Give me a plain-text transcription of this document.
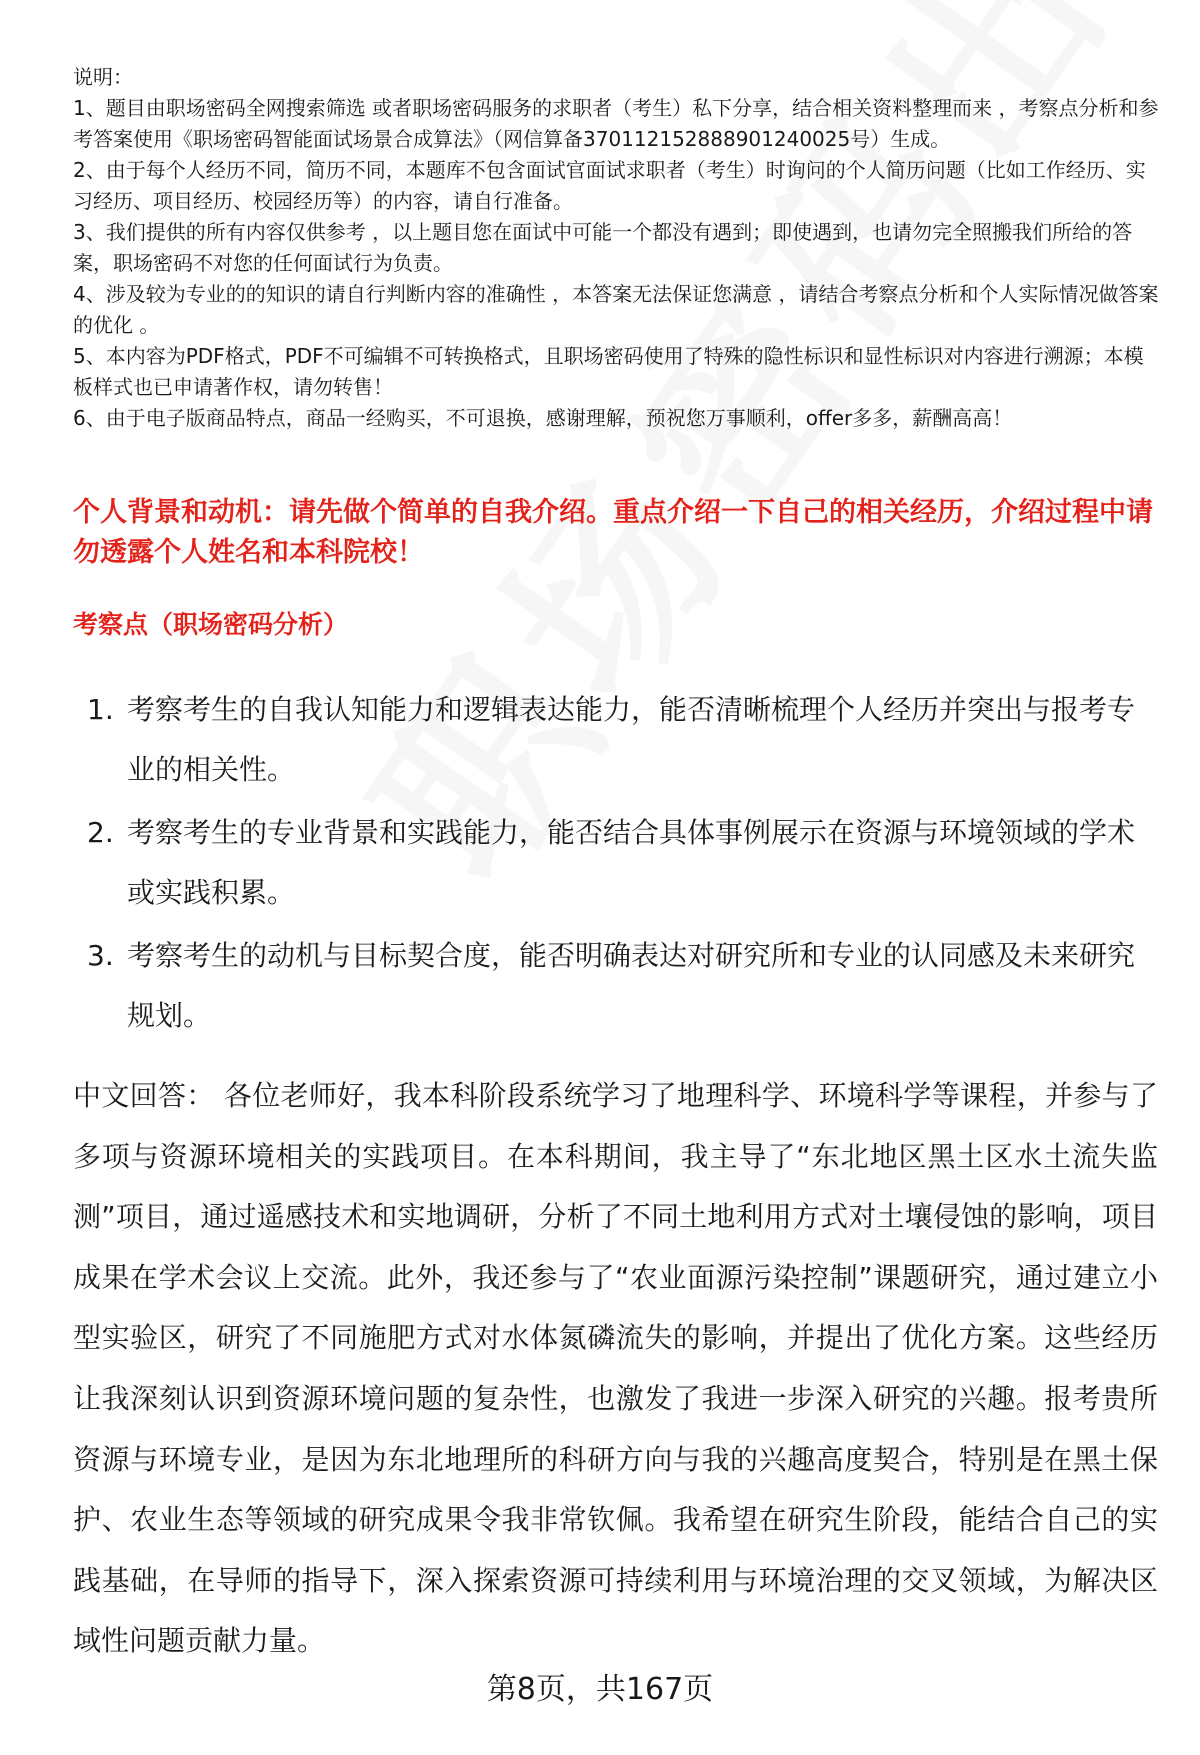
说明：

1、题目由职场密码全网搜索筛选 或者职场密码服务的求职者（考生）私下分享，结合相关资料整理而来 ，考察点分析和参考答案使用《职场密码智能面试场景合成算法》（网信算备370112152888901240025号）生成。

2、由于每个人经历不同，简历不同，本题库不包含面试官面试求职者（考生）时询问的个人简历问题（比如工作经历、实习经历、项目经历、校园经历等）的内容，请自行准备。

3、我们提供的所有内容仅供参考 ，以上题目您在面试中可能一个都没有遇到；即使遇到，也请勿完全照搬我们所给的答案，职场密码不对您的任何面试行为负责。

4、涉及较为专业的的知识的请自行判断内容的准确性 ，本答案无法保证您满意 ，请结合考察点分析和个人实际情况做答案的优化 。

5、本内容为PDF格式，PDF不可编辑不可转换格式，且职场密码使用了特殊的隐性标识和显性标识对内容进行溯源；本模板样式也已申请著作权，请勿转售！

6、由于电子版商品特点，商品一经购买，不可退换，感谢理解，预祝您万事顺利，offer多多，薪酬高高！

个人背景和动机：请先做个简单的自我介绍。重点介绍一下自己的相关经历，介绍过程中请勿透露个人姓名和本科院校！
考察点（职场密码分析）
1. 考察考生的自我认知能力和逻辑表达能力，能否清晰梳理个人经历并突出与报考专业的相关性。
2. 考察考生的专业背景和实践能力，能否结合具体事例展示在资源与环境领域的学术或实践积累。
3. 考察考生的动机与目标契合度，能否明确表达对研究所和专业的认同感及未来研究规划。

中文回答： 各位老师好，我本科阶段系统学习了地理科学、环境科学等课程，并参与了多项与资源环境相关的实践项目。在本科期间，我主导了“东北地区黑土区水土流失监测”项目，通过遥感技术和实地调研，分析了不同土地利用方式对土壤侵蚀的影响，项目成果在学术会议上交流。此外，我还参与了“农业面源污染控制”课题研究，通过建立小型实验区，研究了不同施肥方式对水体氮磷流失的影响，并提出了优化方案。这些经历让我深刻认识到资源环境问题的复杂性，也激发了我进一步深入研究的兴趣。报考贵所资源与环境专业，是因为东北地理所的科研方向与我的兴趣高度契合，特别是在黑土保护、农业生态等领域的研究成果令我非常钦佩。我希望在研究生阶段，能结合自己的实践基础，在导师的指导下，深入探索资源可持续利用与环境治理的交叉领域，为解决区域性问题贡献力量。

第8页，共167页
